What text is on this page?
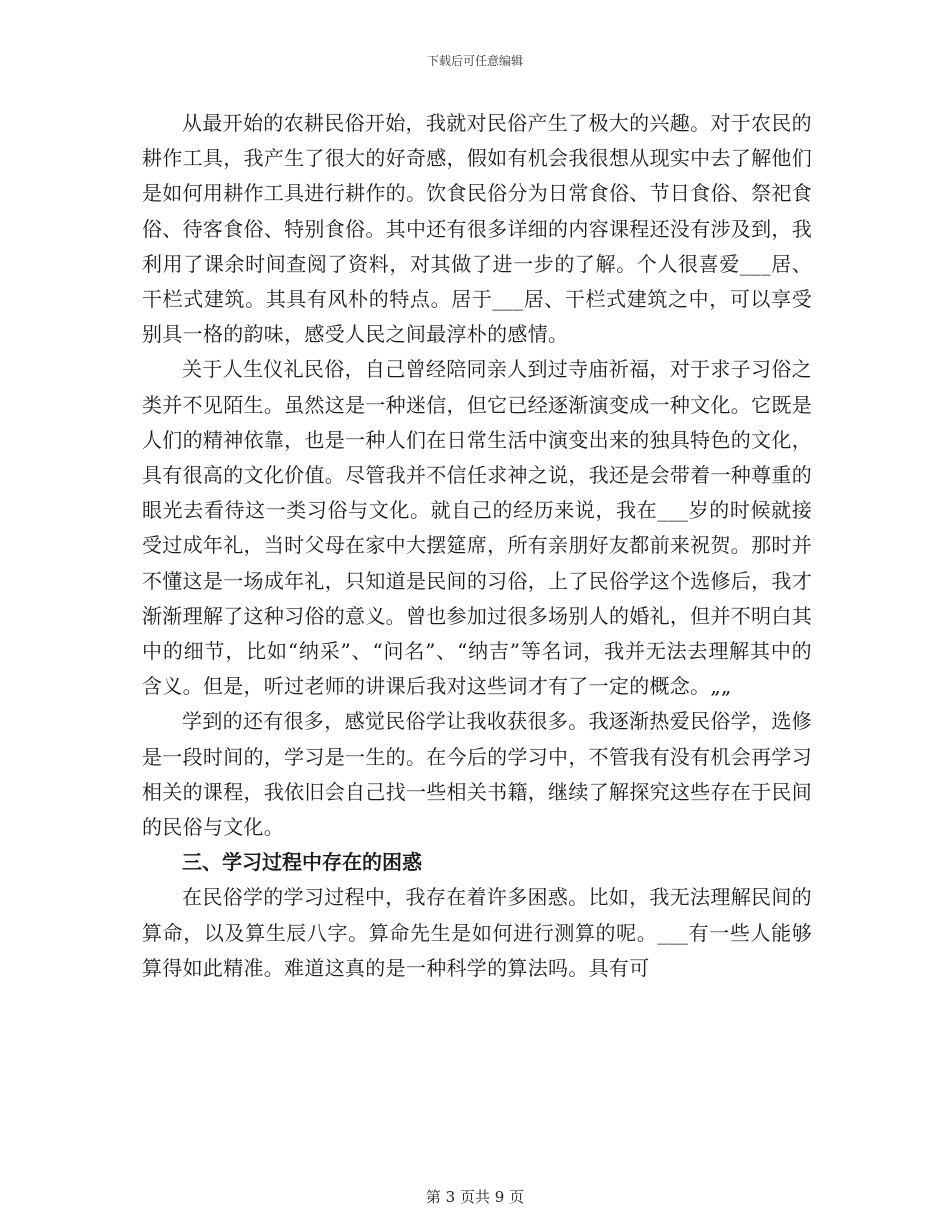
下载后可任意编辑

从最开始的农耕民俗开始，我就对民俗产生了极大的兴趣。对于农民的耕作工具，我产生了很大的好奇感，假如有机会我很想从现实中去了解他们是如何用耕作工具进行耕作的。饮食民俗分为日常食俗、节日食俗、祭祀食俗、待客食俗、特别食俗。其中还有很多详细的内容课程还没有涉及到，我利用了课余时间查阅了资料，对其做了进一步的了解。个人很喜爱___居、干栏式建筑。其具有风朴的特点。居于___居、干栏式建筑之中，可以享受别具一格的韵味，感受人民之间最淳朴的感情。

关于人生仪礼民俗，自己曾经陪同亲人到过寺庙祈福，对于求子习俗之类并不见陌生。虽然这是一种迷信，但它已经逐渐演变成一种文化。它既是人们的精神依靠，也是一种人们在日常生活中演变出来的独具特色的文化，具有很高的文化价值。尽管我并不信任求神之说，我还是会带着一种尊重的眼光去看待这一类习俗与文化。就自己的经历来说，我在___岁的时候就接受过成年礼，当时父母在家中大摆筵席，所有亲朋好友都前来祝贺。那时并不懂这是一场成年礼，只知道是民间的习俗，上了民俗学这个选修后，我才渐渐理解了这种习俗的意义。曾也参加过很多场别人的婚礼，但并不明白其中的细节，比如“纳采”、“问名”、“纳吉”等名词，我并无法去理解其中的含义。但是，听过老师的讲课后我对这些词才有了一定的概念。„„

学到的还有很多，感觉民俗学让我收获很多。我逐渐热爱民俗学，选修是一段时间的，学习是一生的。在今后的学习中，不管我有没有机会再学习相关的课程，我依旧会自己找一些相关书籍，继续了解探究这些存在于民间的民俗与文化。

三、学习过程中存在的困惑

在民俗学的学习过程中，我存在着许多困惑。比如，我无法理解民间的算命，以及算生辰八字。算命先生是如何进行测算的呢。___有一些人能够算得如此精准。难道这真的是一种科学的算法吗。具有可

第 3 页共 9 页
